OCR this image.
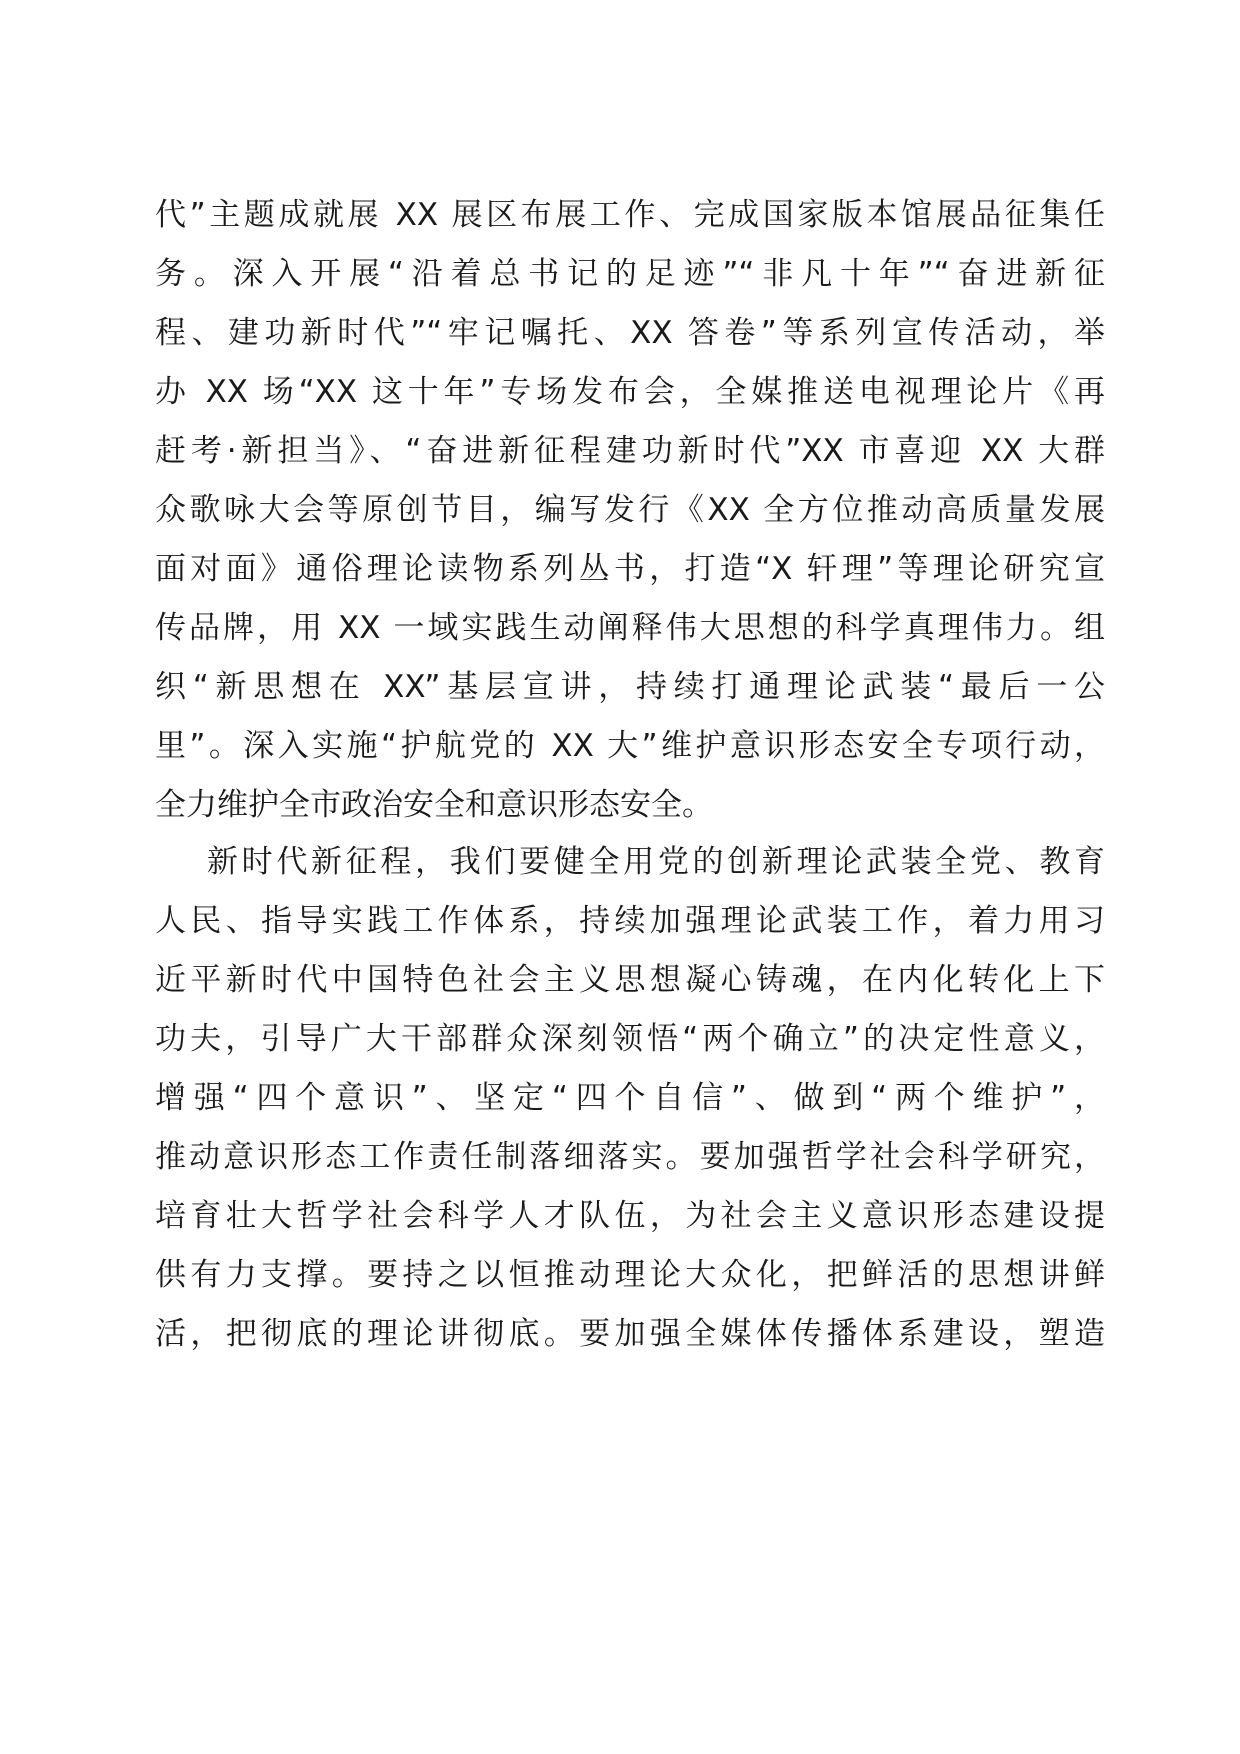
代”主题成就展 XX 展区布展工作、完成国家版本馆展品征集任
务。深入开展“沿着总书记的足迹”“非凡十年”“奋进新征
程、建功新时代”“牢记嘱托、XX 答卷”等系列宣传活动，举
办 XX 场“XX 这十年”专场发布会，全媒推送电视理论片《再
赶考·新担当》、“奋进新征程建功新时代”XX 市喜迎 XX 大群
众歌咏大会等原创节目，编写发行《XX 全方位推动高质量发展
面对面》通俗理论读物系列丛书，打造“X 轩理”等理论研究宣
传品牌，用 XX 一域实践生动阐释伟大思想的科学真理伟力。组
织“新思想在 XX”基层宣讲，持续打通理论武装“最后一公
里”。深入实施“护航党的 XX 大”维护意识形态安全专项行动，
全力维护全市政治安全和意识形态安全。
新时代新征程，我们要健全用党的创新理论武装全党、教育
人民、指导实践工作体系，持续加强理论武装工作，着力用习
近平新时代中国特色社会主义思想凝心铸魂，在内化转化上下
功夫，引导广大干部群众深刻领悟“两个确立”的决定性意义，
增强“四个意识”、坚定“四个自信”、做到“两个维护”，
推动意识形态工作责任制落细落实。要加强哲学社会科学研究，
培育壮大哲学社会科学人才队伍，为社会主义意识形态建设提
供有力支撑。要持之以恒推动理论大众化，把鲜活的思想讲鲜
活，把彻底的理论讲彻底。要加强全媒体传播体系建设，塑造
